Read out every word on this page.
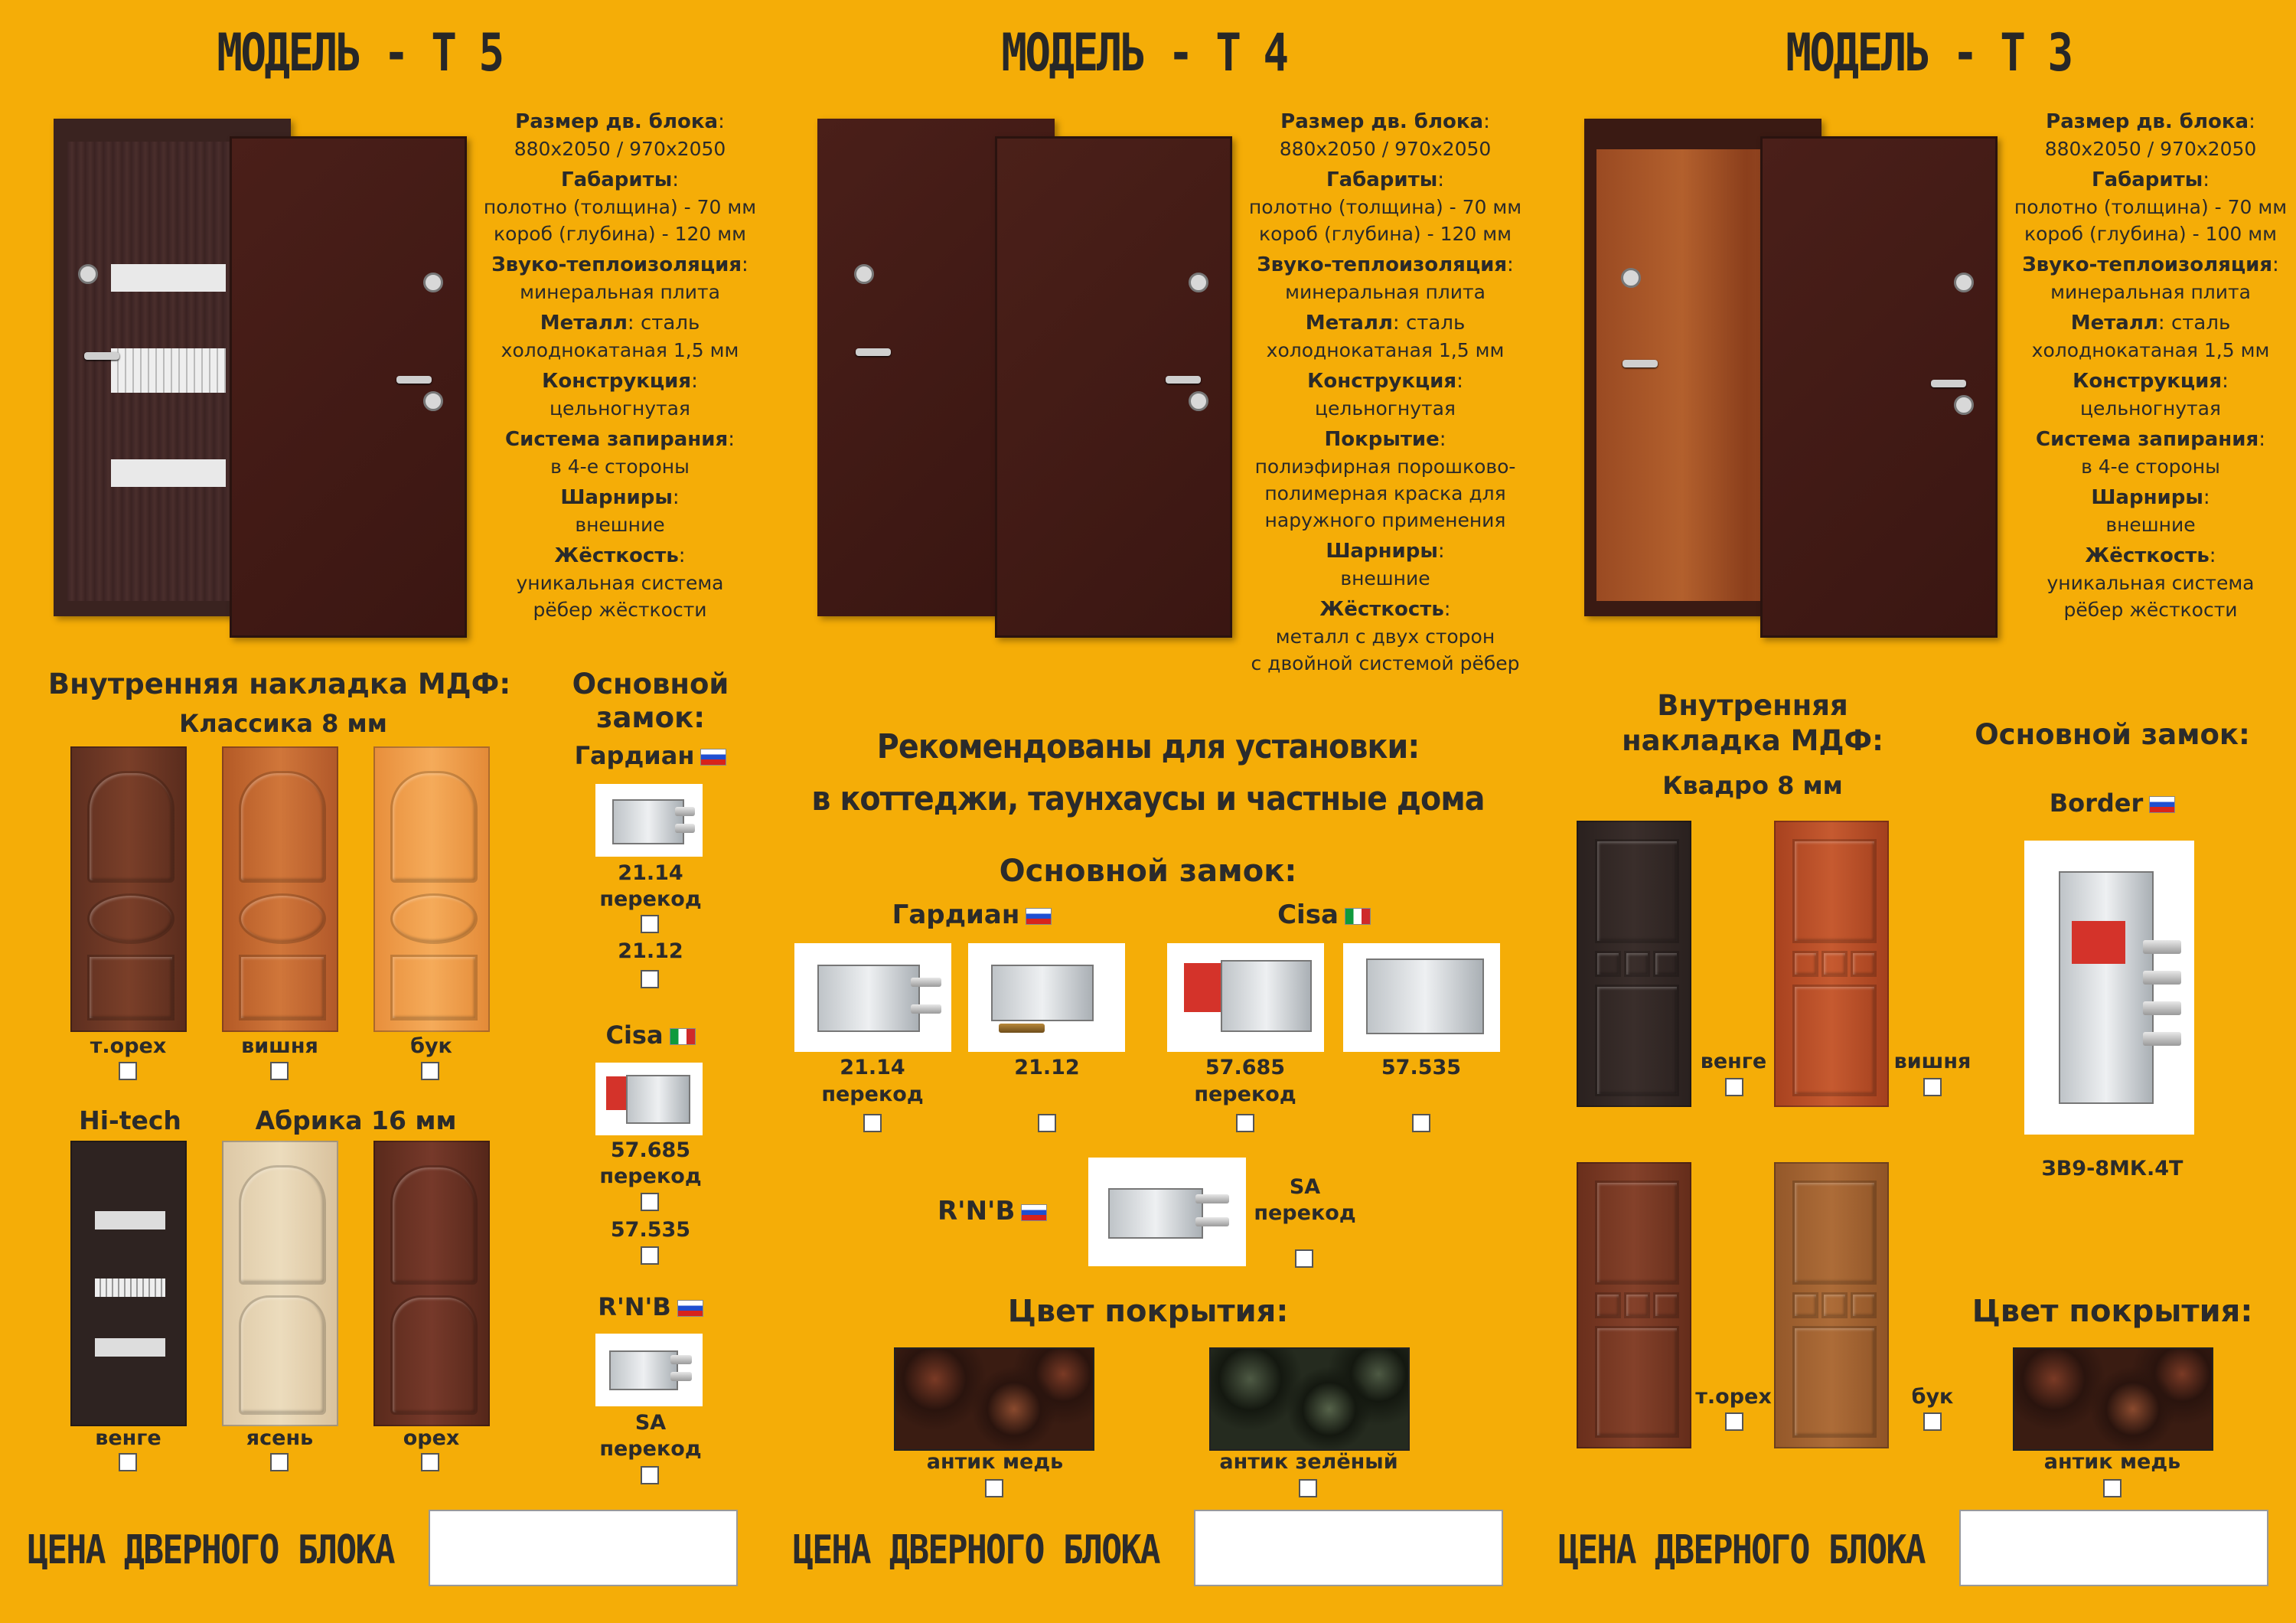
МОДЕЛЬ - Т 5	МОДЕЛЬ - Т 4	МОДЕЛЬ - Т 3
Размер дв. блока:
880x2050 / 970x2050
Габариты:
полотно (толщина) - 70 мм
короб (глубина) - 120 мм
Звуко-теплоизоляция:
минеральная плита
Металл: сталь
холоднокатаная 1,5 мм
Конструкция:
цельногнутая
Система запирания:
в 4-е стороны
Шарниры:
внешние
Жёсткость:
уникальная система
рёбер жёсткости
Размер дв. блока:
880x2050 / 970x2050
Габариты:
полотно (толщина) - 70 мм
короб (глубина) - 120 мм
Звуко-теплоизоляция:
минеральная плита
Металл: сталь
холоднокатаная 1,5 мм
Конструкция:
цельногнутая
Покрытие:
полиэфирная порошково-
полимерная краска для
наружного применения
Шарниры:
внешние
Жёсткость:
металл с двух сторон
с двойной системой рёбер
Размер дв. блока:
880x2050 / 970x2050
Габариты:
полотно (толщина) - 70 мм
короб (глубина) - 100 мм
Звуко-теплоизоляция:
минеральная плита
Металл: сталь
холоднокатаная 1,5 мм
Конструкция:
цельногнутая
Система запирания:
в 4-е стороны
Шарниры:
внешние
Жёсткость:
уникальная система
рёбер жёсткости
Внутренняя накладка МДФ:
Классика 8 мм
т.орех	вишня	бук
Hi-tech	Абрика 16 мм
венге	ясень	орех
Основной замок:
Гардиан
21.14
перекод
21.12
Cisa
57.685
перекод
57.535
R'N'B
SA
перекод
Рекомендованы для установки:
в коттеджи, таунхаусы и частные дома
Основной замок:
Гардиан	Cisa
21.14
перекод
21.12	57.685
перекод
57.535
R'N'B
SA
перекод
Цвет покрытия:
антик медь	антик зелёный
Внутренняя
накладка МДФ:
Квадро 8 мм
венге	вишня
т.орех	бук
Основной замок:
Border
ЗВ9-8МК.4Т
Цвет покрытия:
антик медь
ЦЕНА ДВЕРНОГО БЛОКА	ЦЕНА ДВЕРНОГО БЛОКА	ЦЕНА ДВЕРНОГО БЛОКА
